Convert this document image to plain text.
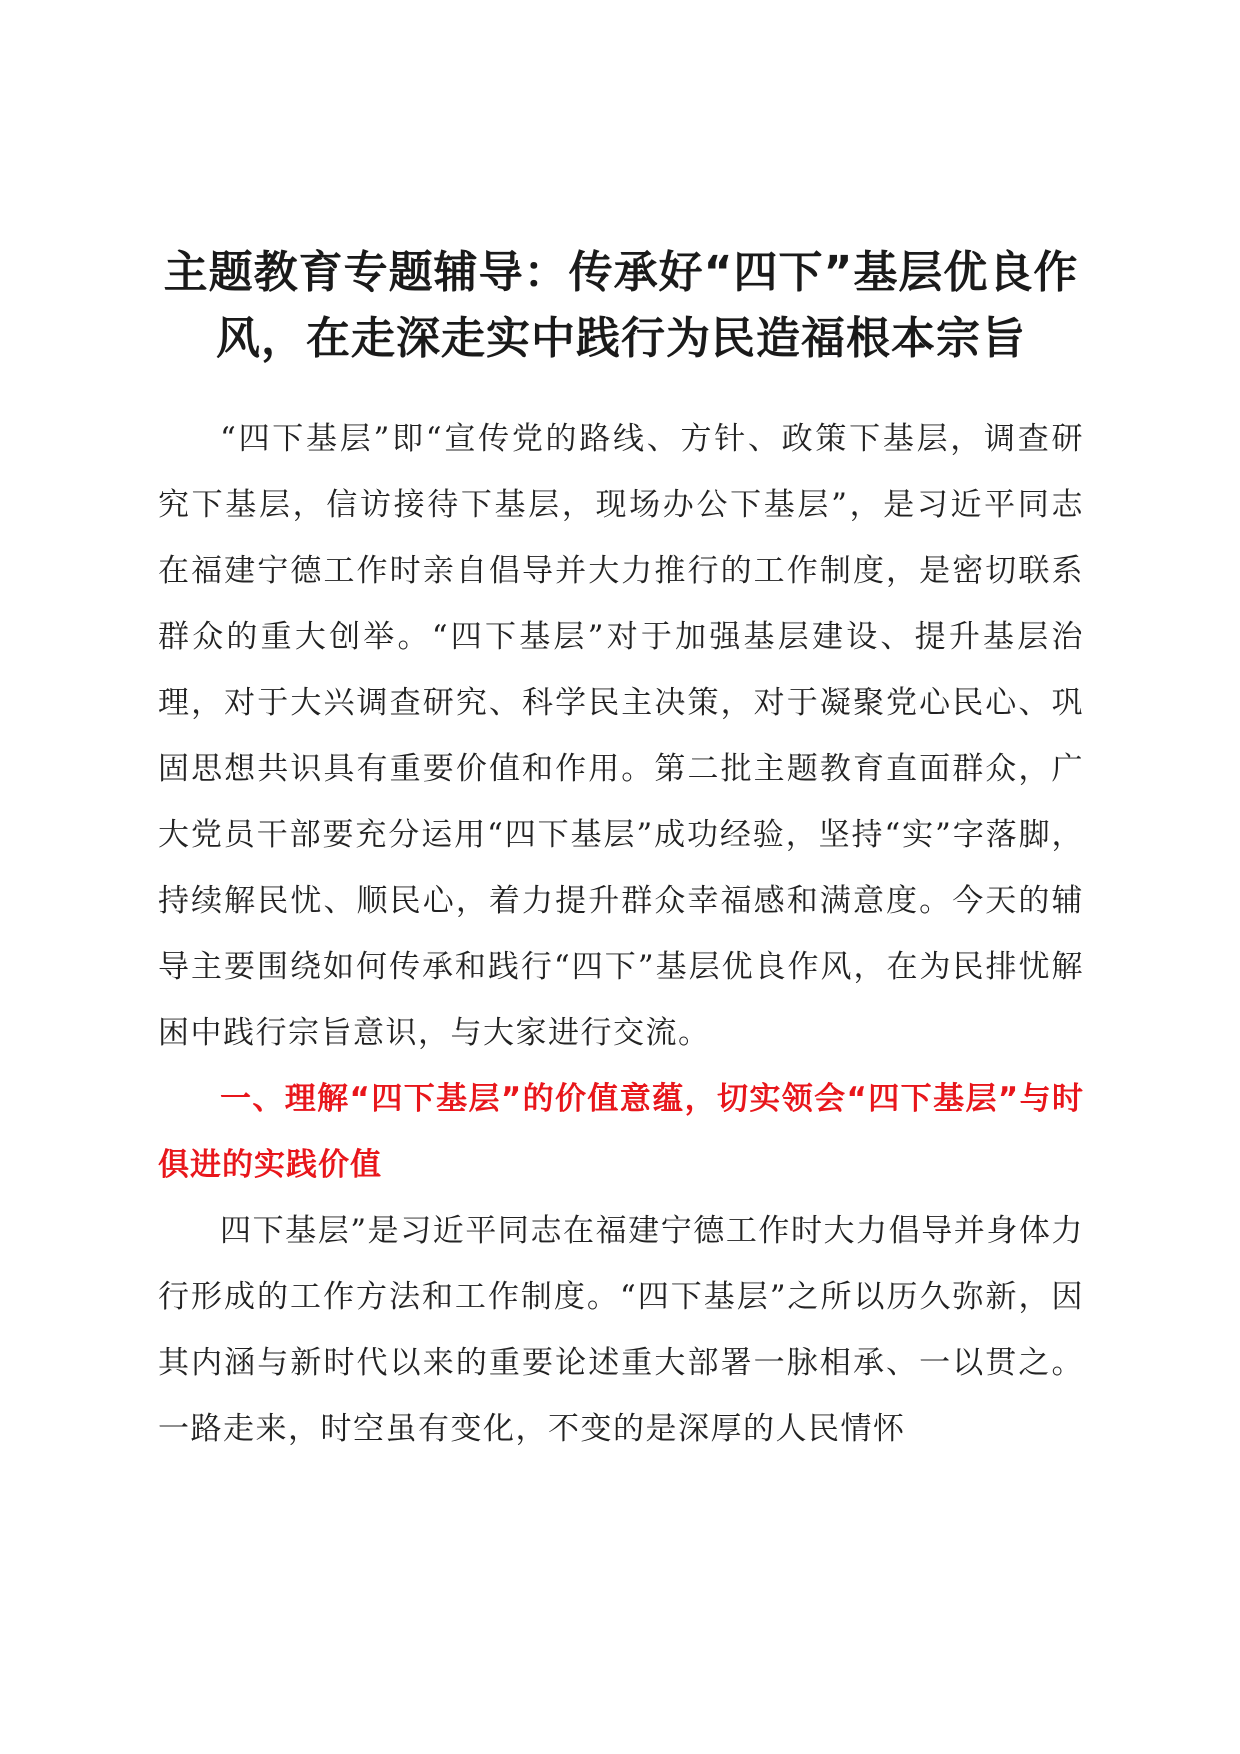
主题教育专题辅导：传承好“四下”基层优良作风，在走深走实中践行为民造福根本宗旨

“四下基层”即“宣传党的路线、方针、政策下基层，调查研究下基层，信访接待下基层，现场办公下基层”，是习近平同志在福建宁德工作时亲自倡导并大力推行的工作制度，是密切联系群众的重大创举。“四下基层”对于加强基层建设、提升基层治理，对于大兴调查研究、科学民主决策，对于凝聚党心民心、巩固思想共识具有重要价值和作用。第二批主题教育直面群众，广大党员干部要充分运用“四下基层”成功经验，坚持“实”字落脚，持续解民忧、顺民心，着力提升群众幸福感和满意度。今天的辅导主要围绕如何传承和践行“四下”基层优良作风，在为民排忧解困中践行宗旨意识，与大家进行交流。

一、理解“四下基层”的价值意蕴，切实领会“四下基层”与时俱进的实践价值

四下基层”是习近平同志在福建宁德工作时大力倡导并身体力行形成的工作方法和工作制度。“四下基层”之所以历久弥新，因其内涵与新时代以来的重要论述重大部署一脉相承、一以贯之。一路走来，时空虽有变化，不变的是深厚的人民情怀
